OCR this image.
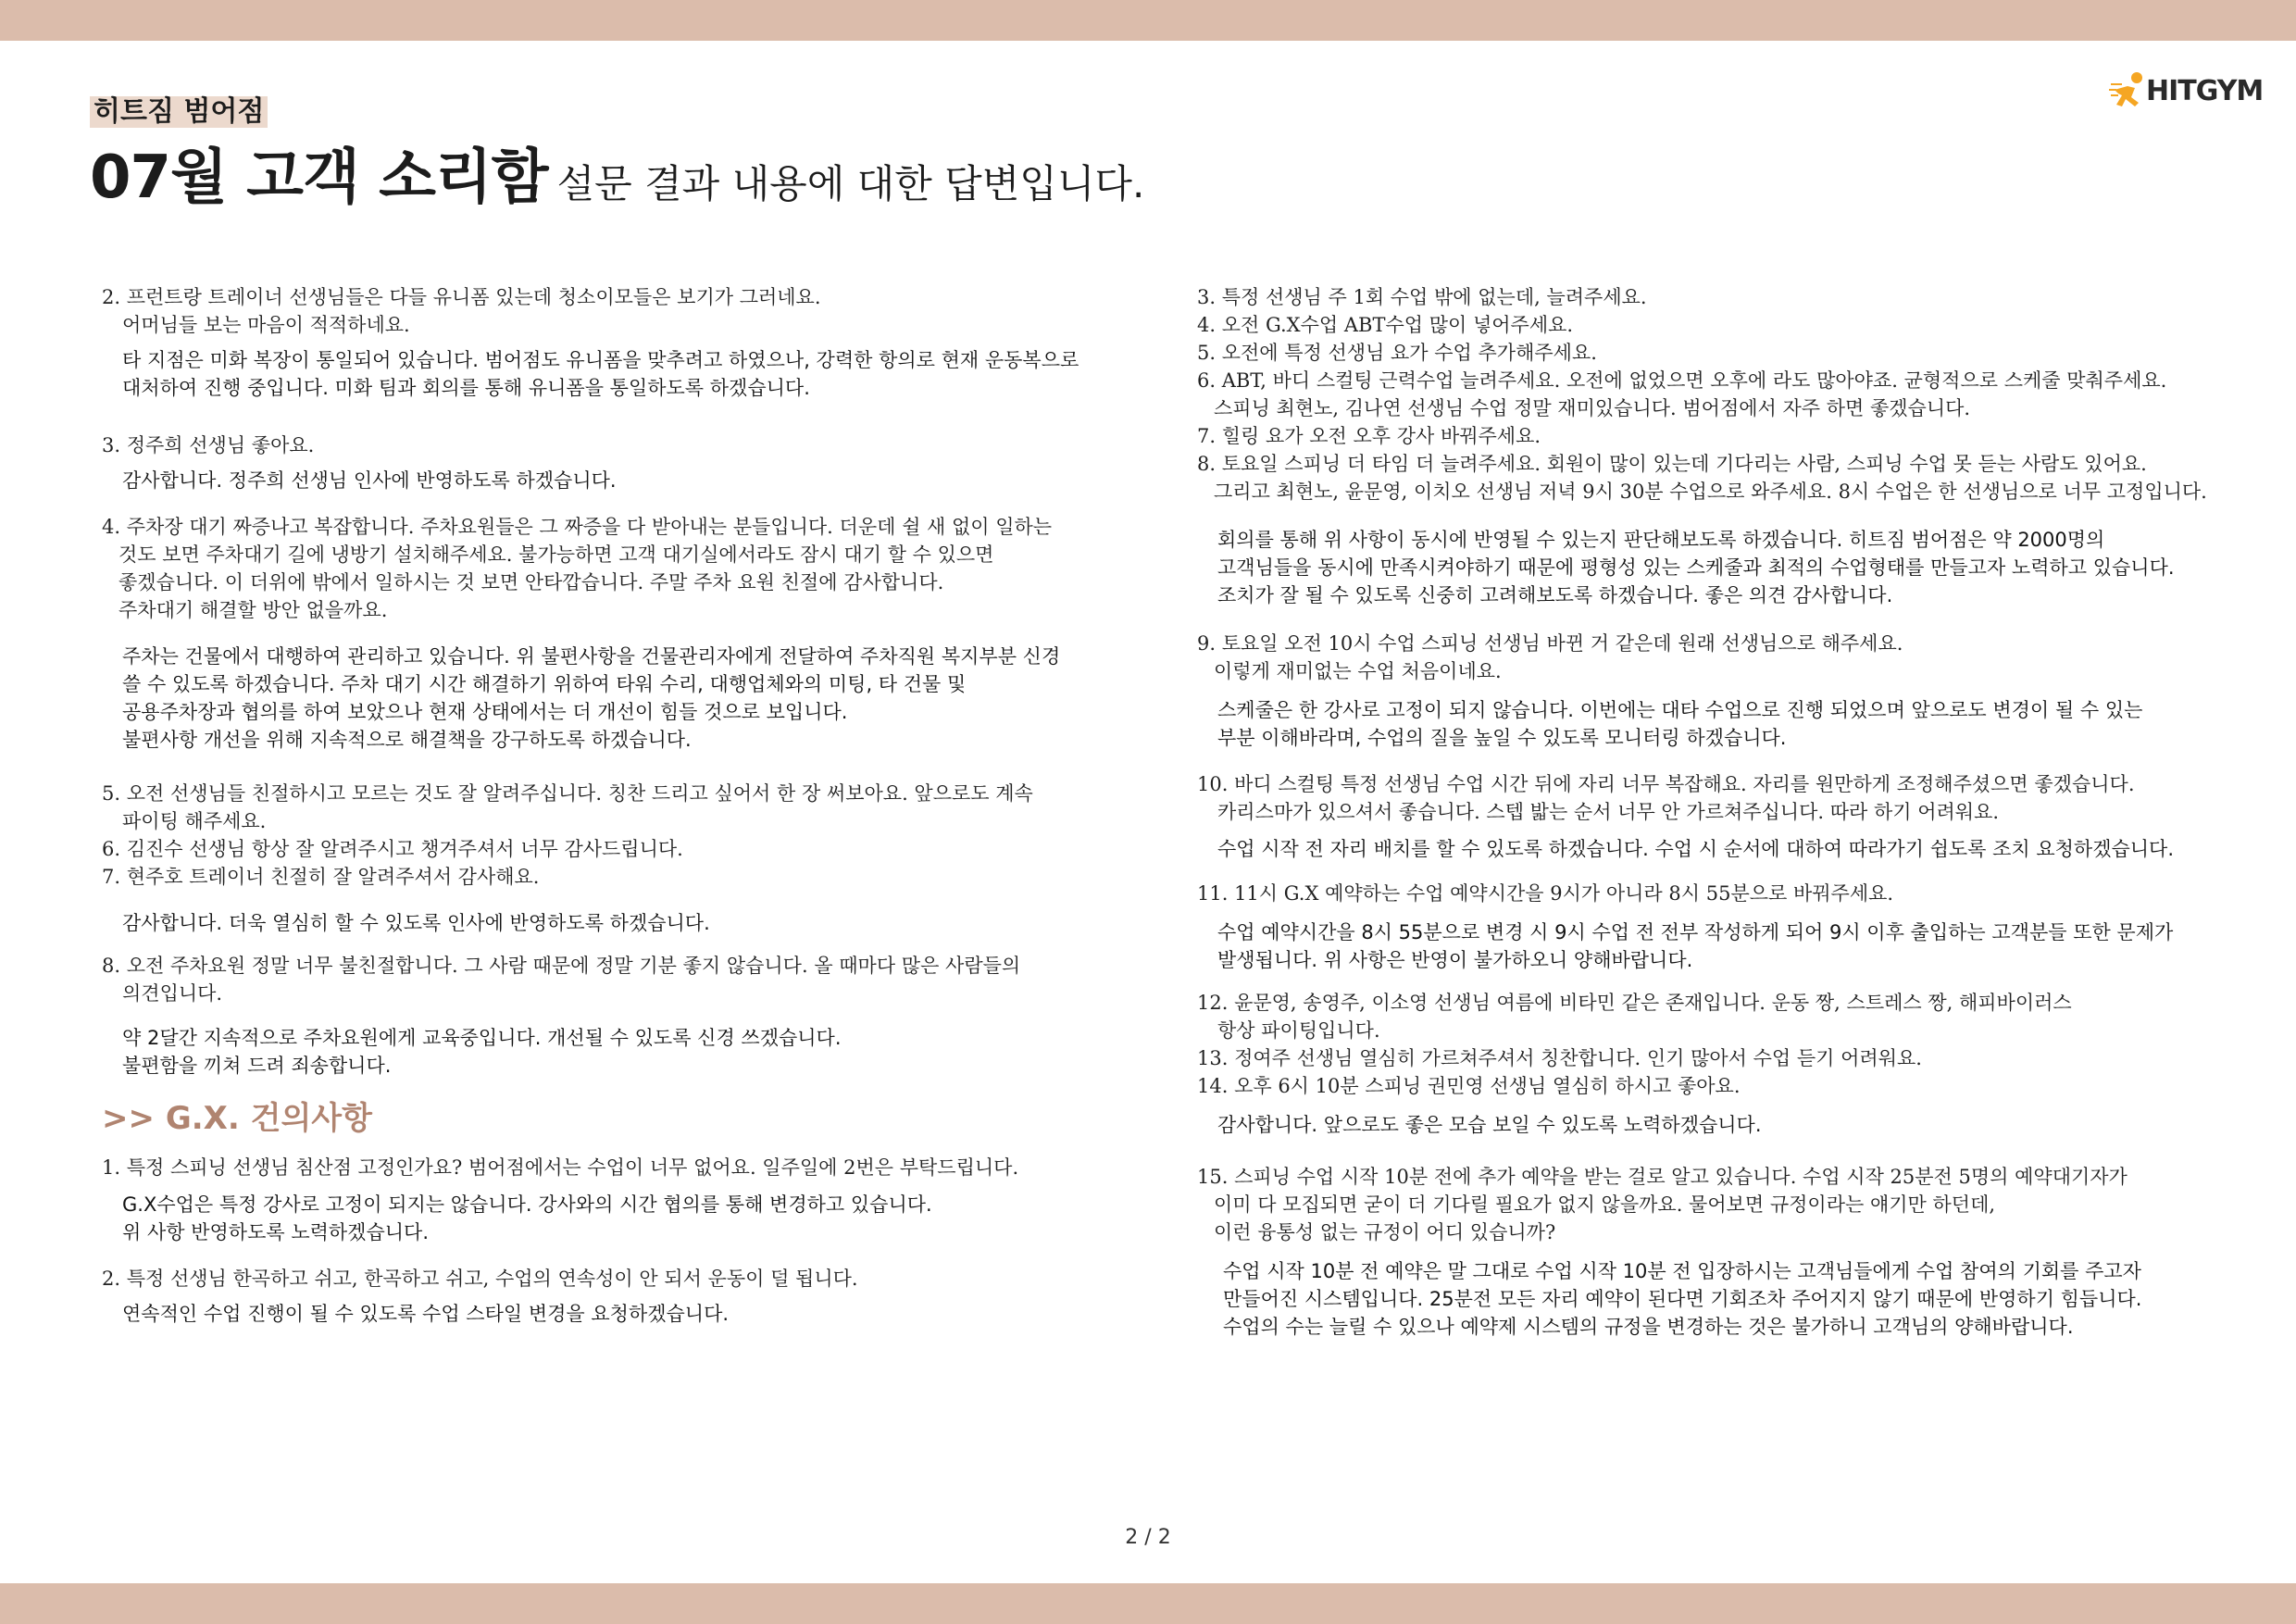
히트짐 범어점
07월 고객 소리함 설문 결과 내용에 대한 답변입니다.
HITGYM
2. 프런트랑 트레이너 선생님들은 다들 유니폼 있는데 청소이모들은 보기가 그러네요.
어머님들 보는 마음이 적적하네요.
타 지점은 미화 복장이 통일되어 있습니다. 범어점도 유니폼을 맞추려고 하였으나, 강력한 항의로 현재 운동복으로
대처하여 진행 중입니다. 미화 팀과 회의를 통해 유니폼을 통일하도록 하겠습니다.
3. 정주희 선생님 좋아요.
감사합니다. 정주희 선생님 인사에 반영하도록 하겠습니다.
4. 주차장 대기 짜증나고 복잡합니다. 주차요원들은 그 짜증을 다 받아내는 분들입니다. 더운데 쉴 새 없이 일하는
것도 보면 주차대기 길에 냉방기 설치해주세요. 불가능하면 고객 대기실에서라도 잠시 대기 할 수 있으면
좋겠습니다. 이 더위에 밖에서 일하시는 것 보면 안타깝습니다. 주말 주차 요원 친절에 감사합니다.
주차대기 해결할 방안 없을까요.
주차는 건물에서 대행하여 관리하고 있습니다. 위 불편사항을 건물관리자에게 전달하여 주차직원 복지부분 신경
쓸 수 있도록 하겠습니다. 주차 대기 시간 해결하기 위하여 타워 수리, 대행업체와의 미팅, 타 건물 및
공용주차장과 협의를 하여 보았으나 현재 상태에서는 더 개선이 힘들 것으로 보입니다.
불편사항 개선을 위해 지속적으로 해결책을 강구하도록 하겠습니다.
5. 오전 선생님들 친절하시고 모르는 것도 잘 알려주십니다. 칭찬 드리고 싶어서 한 장 써보아요. 앞으로도 계속
파이팅 해주세요.
6. 김진수 선생님 항상 잘 알려주시고 챙겨주셔서 너무 감사드립니다.
7. 현주호 트레이너 친절히 잘 알려주셔서 감사해요.
감사합니다. 더욱 열심히 할 수 있도록 인사에 반영하도록 하겠습니다.
8. 오전 주차요원 정말 너무 불친절합니다. 그 사람 때문에 정말 기분 좋지 않습니다. 올 때마다 많은 사람들의
의견입니다.
약 2달간 지속적으로 주차요원에게 교육중입니다. 개선될 수 있도록 신경 쓰겠습니다.
불편함을 끼쳐 드려 죄송합니다.
>> G.X. 건의사항
1. 특정 스피닝 선생님 침산점 고정인가요? 범어점에서는 수업이 너무 없어요. 일주일에 2번은 부탁드립니다.
G.X수업은 특정 강사로 고정이 되지는 않습니다. 강사와의 시간 협의를 통해 변경하고 있습니다.
위 사항 반영하도록 노력하겠습니다.
2. 특정 선생님 한곡하고 쉬고, 한곡하고 쉬고, 수업의 연속성이 안 되서 운동이 덜 됩니다.
연속적인 수업 진행이 될 수 있도록 수업 스타일 변경을 요청하겠습니다.
3. 특정 선생님 주 1회 수업 밖에 없는데, 늘려주세요.
4. 오전 G.X수업 ABT수업 많이 넣어주세요.
5. 오전에 특정 선생님 요가 수업 추가해주세요.
6. ABT, 바디 스컬팅 근력수업 늘려주세요. 오전에 없었으면 오후에 라도 많아야죠. 균형적으로 스케줄 맞춰주세요.
스피닝 최현노, 김나연 선생님 수업 정말 재미있습니다. 범어점에서 자주 하면 좋겠습니다.
7. 힐링 요가 오전 오후 강사 바꿔주세요.
8. 토요일 스피닝 더 타임 더 늘려주세요. 회원이 많이 있는데 기다리는 사람, 스피닝 수업 못 듣는 사람도 있어요.
그리고 최현노, 윤문영, 이치오 선생님 저녁 9시 30분 수업으로 와주세요. 8시 수업은 한 선생님으로 너무 고정입니다.
회의를 통해 위 사항이 동시에 반영될 수 있는지 판단해보도록 하겠습니다. 히트짐 범어점은 약 2000명의
고객님들을 동시에 만족시켜야하기 때문에 평형성 있는 스케줄과 최적의 수업형태를 만들고자 노력하고 있습니다.
조치가 잘 될 수 있도록 신중히 고려해보도록 하겠습니다. 좋은 의견 감사합니다.
9. 토요일 오전 10시 수업 스피닝 선생님 바뀐 거 같은데 원래 선생님으로 해주세요.
이렇게 재미없는 수업 처음이네요.
스케줄은 한 강사로 고정이 되지 않습니다. 이번에는 대타 수업으로 진행 되었으며 앞으로도 변경이 될 수 있는
부분 이해바라며, 수업의 질을 높일 수 있도록 모니터링 하겠습니다.
10. 바디 스컬팅 특정 선생님 수업 시간 뒤에 자리 너무 복잡해요. 자리를 원만하게 조정해주셨으면 좋겠습니다.
카리스마가 있으셔서 좋습니다. 스텝 밟는 순서 너무 안 가르쳐주십니다. 따라 하기 어려워요.
수업 시작 전 자리 배치를 할 수 있도록 하겠습니다. 수업 시 순서에 대하여 따라가기 쉽도록 조치 요청하겠습니다.
11. 11시 G.X 예약하는 수업 예약시간을 9시가 아니라 8시 55분으로 바꿔주세요.
수업 예약시간을 8시 55분으로 변경 시 9시 수업 전 전부 작성하게 되어 9시 이후 출입하는 고객분들 또한 문제가
발생됩니다. 위 사항은 반영이 불가하오니 양해바랍니다.
12. 윤문영, 송영주, 이소영 선생님 여름에 비타민 같은 존재입니다. 운동 짱, 스트레스 짱, 해피바이러스
항상 파이팅입니다.
13. 정여주 선생님 열심히 가르쳐주셔서 칭찬합니다. 인기 많아서 수업 듣기 어려워요.
14. 오후 6시 10분 스피닝 권민영 선생님 열심히 하시고 좋아요.
감사합니다. 앞으로도 좋은 모습 보일 수 있도록 노력하겠습니다.
15. 스피닝 수업 시작 10분 전에 추가 예약을 받는 걸로 알고 있습니다. 수업 시작 25분전 5명의 예약대기자가
이미 다 모집되면 굳이 더 기다릴 필요가 없지 않을까요. 물어보면 규정이라는 얘기만 하던데,
이런 융통성 없는 규정이 어디 있습니까?
수업 시작 10분 전 예약은 말 그대로 수업 시작 10분 전 입장하시는 고객님들에게 수업 참여의 기회를 주고자
만들어진 시스템입니다. 25분전 모든 자리 예약이 된다면 기회조차 주어지지 않기 때문에 반영하기 힘듭니다.
수업의 수는 늘릴 수 있으나 예약제 시스템의 규정을 변경하는 것은 불가하니 고객님의 양해바랍니다.
2 / 2
